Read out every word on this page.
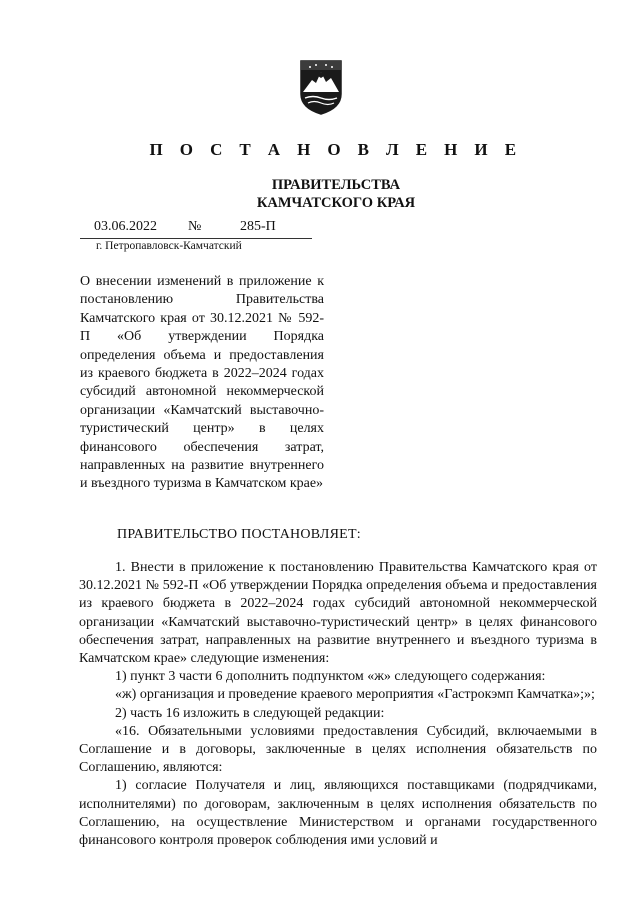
П О С Т А Н О В Л Е Н И Е
ПРАВИТЕЛЬСТВА
КАМЧАТСКОГО КРАЯ
03.06.2022 №	285-П
г. Петропавловск-Камчатский
О внесении изменений в приложение к постановлению Правительства Камчатского края от 30.12.2021 № 592-П «Об утверждении Порядка определения объема и предоставления из краевого бюджета в 2022–2024 годах субсидий автономной некоммерческой организации «Камчатский выставочно-туристический центр» в целях финансового обеспечения затрат, направленных на развитие внутреннего и въездного туризма в Камчатском крае»
ПРАВИТЕЛЬСТВО ПОСТАНОВЛЯЕТ:

1. Внести в приложение к постановлению Правительства Камчатского края от 30.12.2021 № 592-П «Об утверждении Порядка определения объема и предоставления из краевого бюджета в 2022–2024 годах субсидий автономной некоммерческой организации «Камчатский выставочно-туристический центр» в целях финансового обеспечения затрат, направленных на развитие внутреннего и въездного туризма в Камчатском крае» следующие изменения:

1) пункт 3 части 6 дополнить подпунктом «ж» следующего содержания:

«ж) организация и проведение краевого мероприятия «Гастрокэмп Камчатка»;»;

2) часть 16 изложить в следующей редакции:

«16. Обязательными условиями предоставления Субсидий, включаемыми в Соглашение и в договоры, заключенные в целях исполнения обязательств по Соглашению, являются:

1) согласие Получателя и лиц, являющихся поставщиками (подрядчиками, исполнителями) по договорам, заключенным в целях исполнения обязательств по Соглашению, на осуществление Министерством и органами государственного финансового контроля проверок соблюдения ими условий и
